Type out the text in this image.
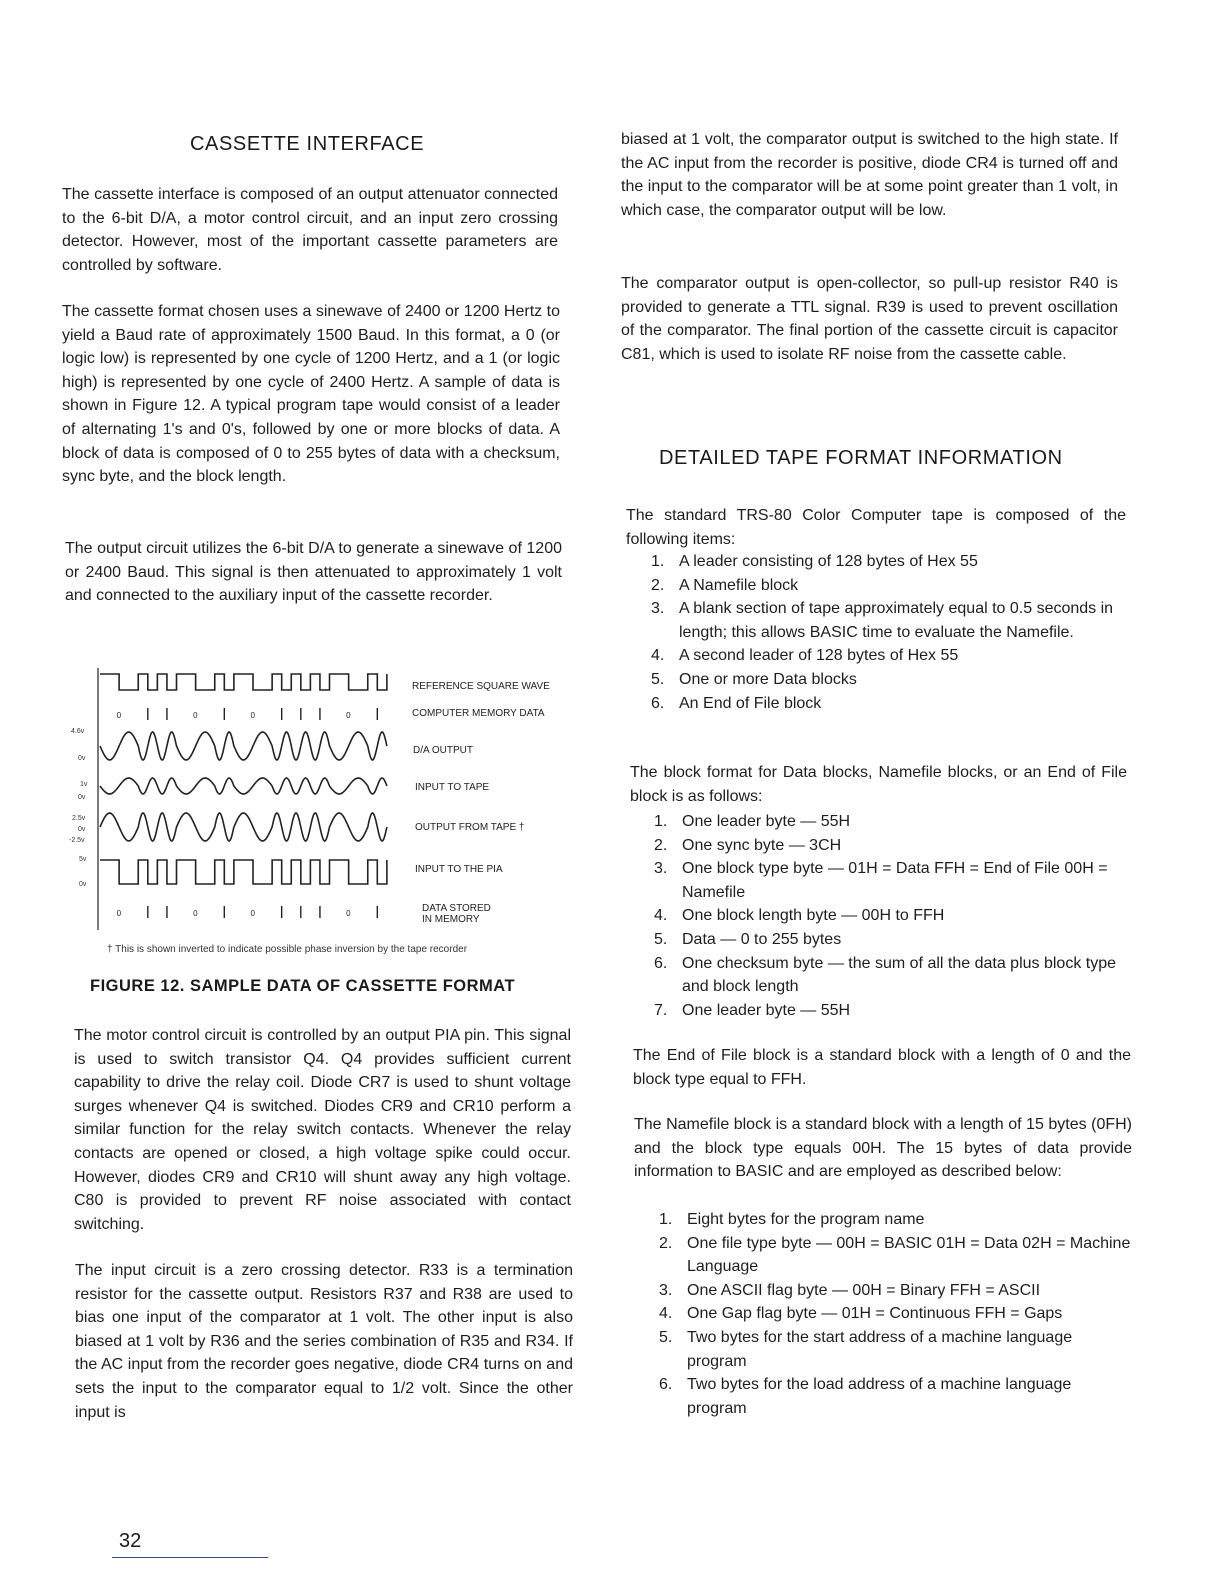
CASSETTE INTERFACE

The cassette interface is composed of an output attenuator connected to the 6-bit D/A, a motor control circuit, and an input zero crossing detector. However, most of the important cassette parameters are controlled by software.

The cassette format chosen uses a sinewave of 2400 or 1200 Hertz to yield a Baud rate of approximately 1500 Baud. In this format, a 0 (or logic low) is represented by one cycle of 1200 Hertz, and a 1 (or logic high) is represented by one cycle of 2400 Hertz. A sample of data is shown in Figure 12. A typical program tape would consist of a leader of alternating 1's and 0's, followed by one or more blocks of data. A block of data is composed of 0 to 255 bytes of data with a checksum, sync byte, and the block length.

The output circuit utilizes the 6-bit D/A to generate a sinewave of 1200 or 2400 Baud. This signal is then attenuated to approximately 1 volt and connected to the auxiliary input of the cassette recorder.

0	0	0	0
0	0	0	0
REFERENCE SQUARE WAVE
COMPUTER MEMORY DATA
D/A OUTPUT
INPUT TO TAPE
OUTPUT FROM TAPE †
INPUT TO THE PIA
DATA STORED
IN MEMORY
4.6v
0v
1v
0v
2.5v
0v
-2.5v
5v
0v
† This is shown inverted to indicate possible phase inversion by the tape recorder
FIGURE 12. SAMPLE DATA OF CASSETTE FORMAT

The motor control circuit is controlled by an output PIA pin. This signal is used to switch transistor Q4. Q4 provides sufficient current capability to drive the relay coil. Diode CR7 is used to shunt voltage surges whenever Q4 is switched. Diodes CR9 and CR10 perform a similar function for the relay switch contacts. Whenever the relay contacts are opened or closed, a high voltage spike could occur. However, diodes CR9 and CR10 will shunt away any high voltage. C80 is provided to prevent RF noise associated with contact switching.

The input circuit is a zero crossing detector. R33 is a termination resistor for the cassette output. Resistors R37 and R38 are used to bias one input of the comparator at 1 volt. The other input is also biased at 1 volt by R36 and the series combination of R35 and R34. If the AC input from the recorder goes negative, diode CR4 turns on and sets the input to the comparator equal to 1/2 volt. Since the other input is

biased at 1 volt, the comparator output is switched to the high state. If the AC input from the recorder is positive, diode CR4 is turned off and the input to the comparator will be at some point greater than 1 volt, in which case, the comparator output will be low.

The comparator output is open-collector, so pull-up resistor R40 is provided to generate a TTL signal. R39 is used to prevent oscillation of the comparator. The final portion of the cassette circuit is capacitor C81, which is used to isolate RF noise from the cassette cable.

DETAILED TAPE FORMAT INFORMATION

The standard TRS-80 Color Computer tape is composed of the following items:

1. A leader consisting of 128 bytes of Hex 55
2. A Namefile block
3. A blank section of tape approximately equal to 0.5 seconds in length; this allows BASIC time to evaluate the Namefile.
4. A second leader of 128 bytes of Hex 55
5. One or more Data blocks
6. An End of File block

The block format for Data blocks, Namefile blocks, or an End of File block is as follows:

1. One leader byte — 55H
2. One sync byte — 3CH
3. One block type byte — 01H = Data FFH = End of File 00H = Namefile
4. One block length byte — 00H to FFH
5. Data — 0 to 255 bytes
6. One checksum byte — the sum of all the data plus block type and block length
7. One leader byte — 55H

The End of File block is a standard block with a length of 0 and the block type equal to FFH.

The Namefile block is a standard block with a length of 15 bytes (0FH) and the block type equals 00H. The 15 bytes of data provide information to BASIC and are employed as described below:

1. Eight bytes for the program name
2. One file type byte — 00H = BASIC 01H = Data 02H = Machine Language
3. One ASCII flag byte — 00H = Binary FFH = ASCII
4. One Gap flag byte — 01H = Continuous FFH = Gaps
5. Two bytes for the start address of a machine language program
6. Two bytes for the load address of a machine language program
32
